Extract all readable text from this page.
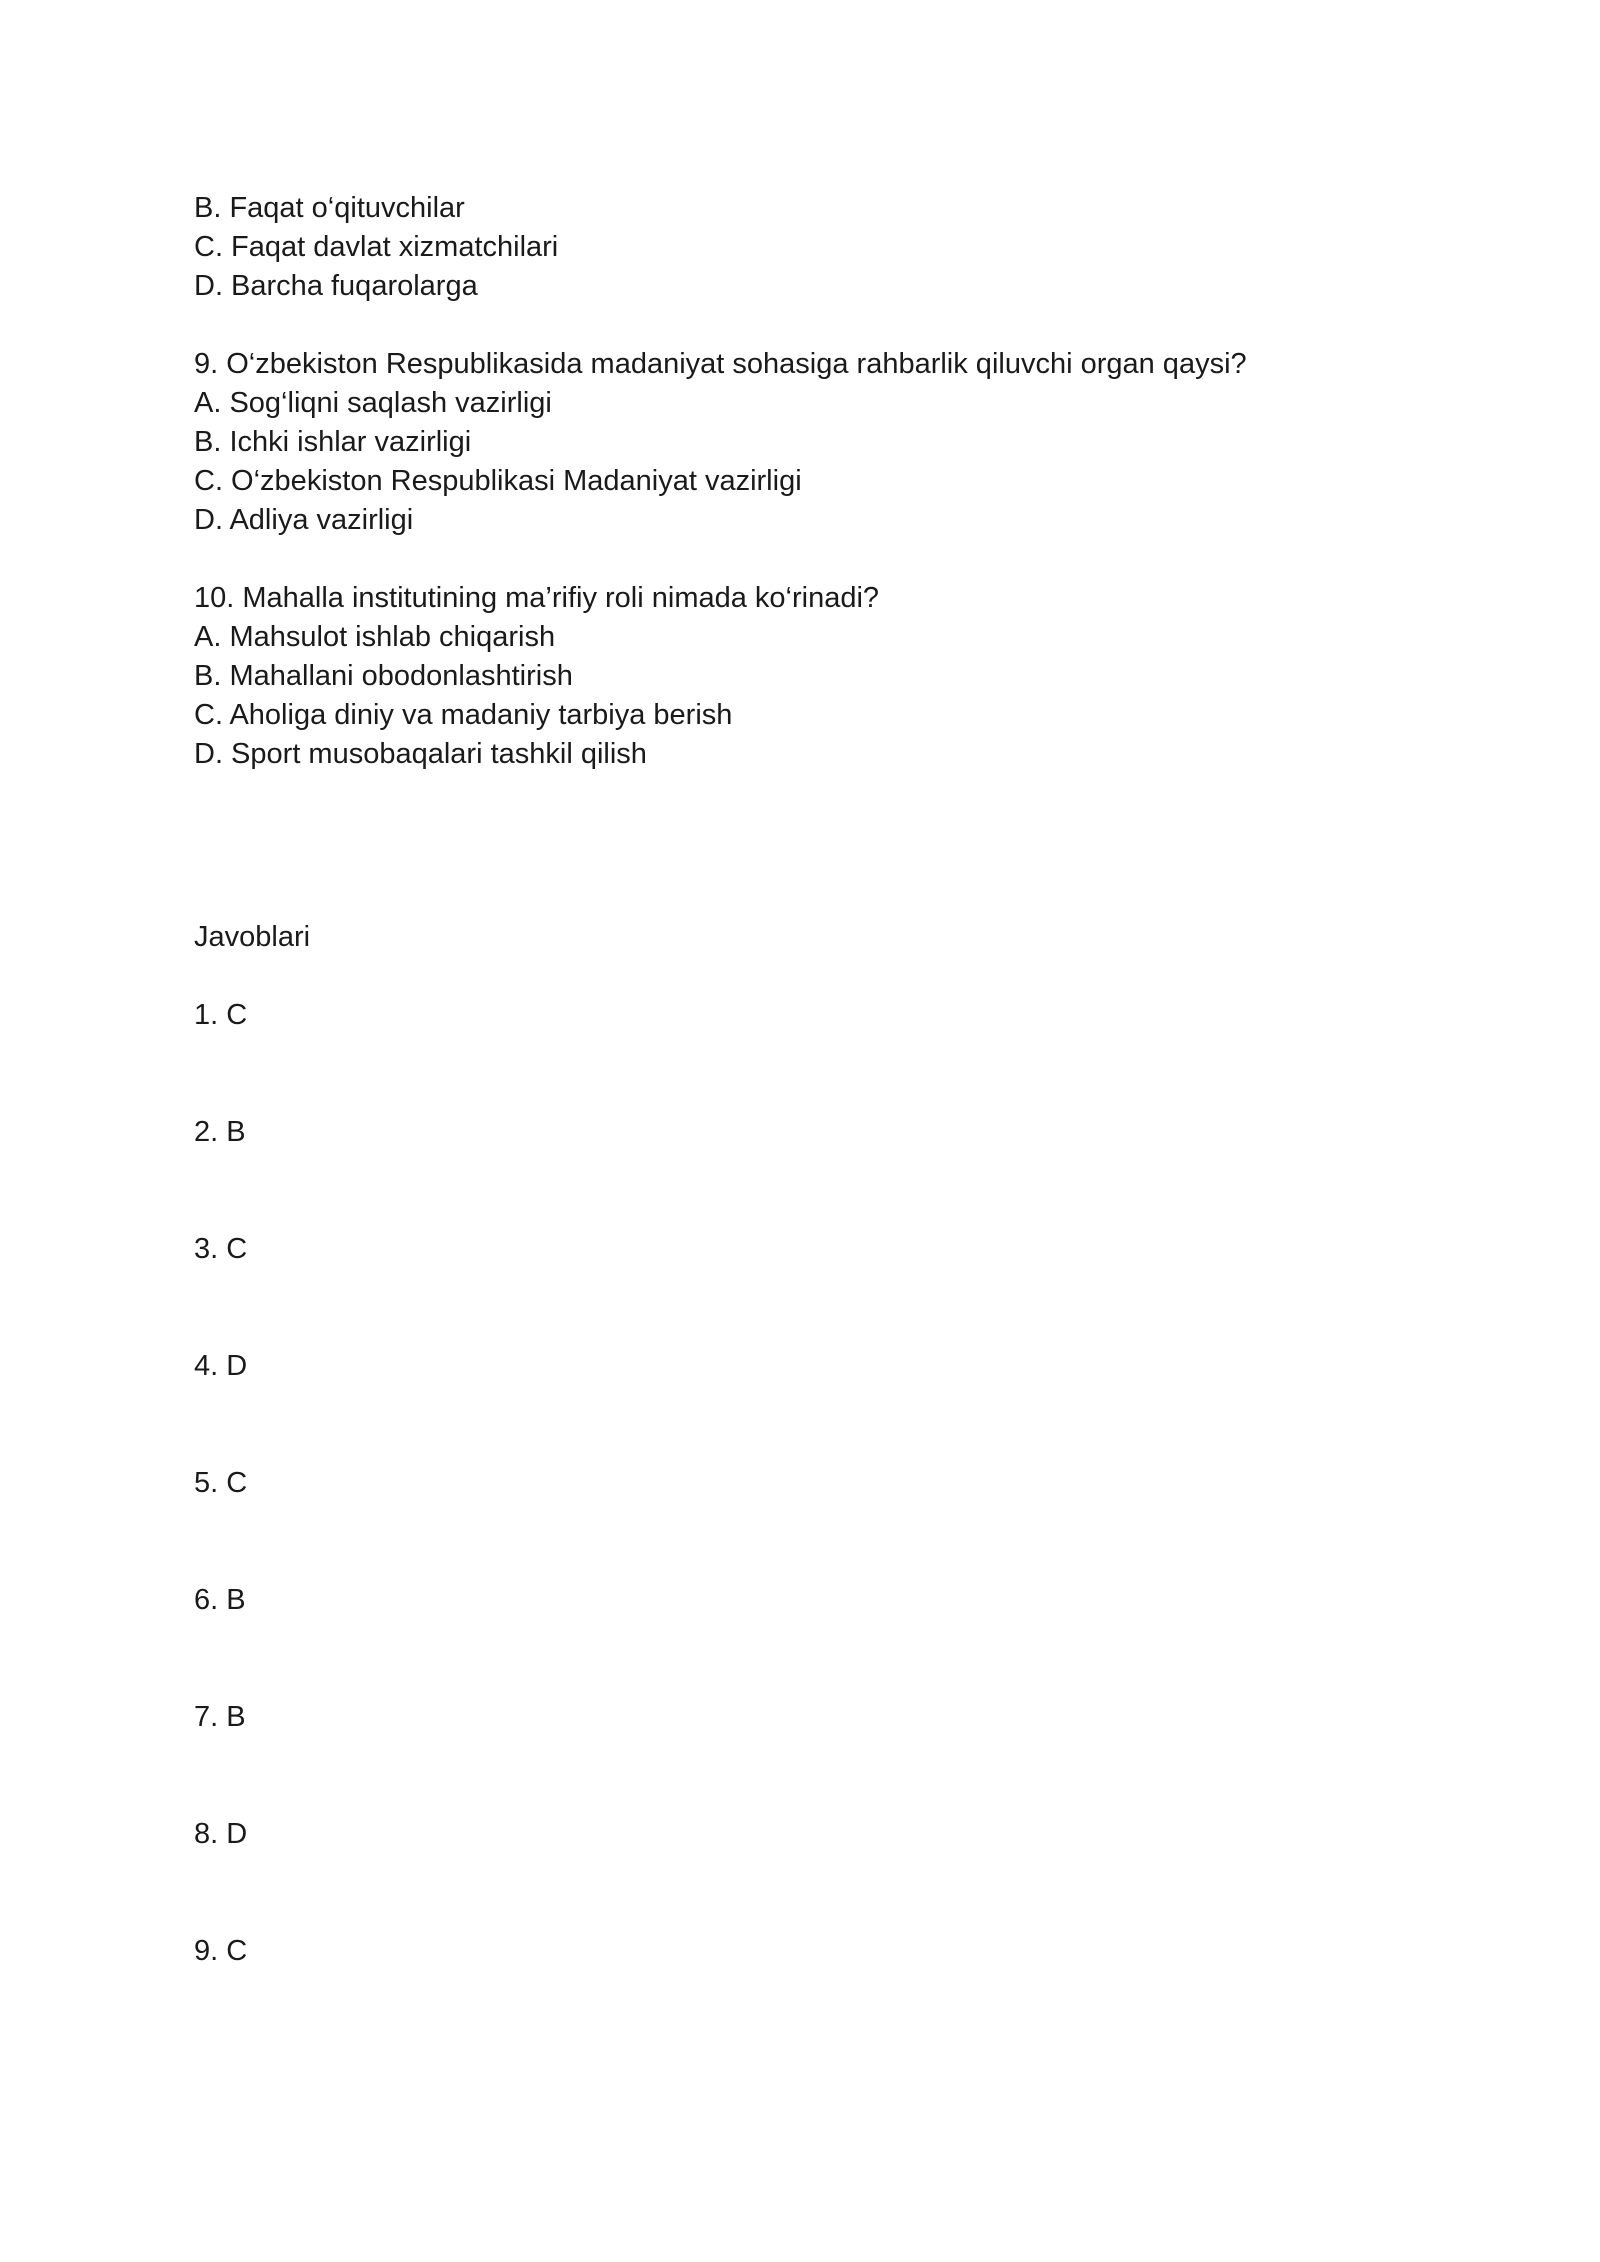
B. Faqat o‘qituvchilar
C. Faqat davlat xizmatchilari
D. Barcha fuqarolarga
9. O‘zbekiston Respublikasida madaniyat sohasiga rahbarlik qiluvchi organ qaysi?
A. Sog‘liqni saqlash vazirligi
B. Ichki ishlar vazirligi
C. O‘zbekiston Respublikasi Madaniyat vazirligi
D. Adliya vazirligi
10. Mahalla institutining ma’rifiy roli nimada ko‘rinadi?
A. Mahsulot ishlab chiqarish
B. Mahallani obodonlashtirish
C. Aholiga diniy va madaniy tarbiya berish
D. Sport musobaqalari tashkil qilish
Javoblari
1. C
2. B
3. C
4. D
5. C
6. B
7. B
8. D
9. C
